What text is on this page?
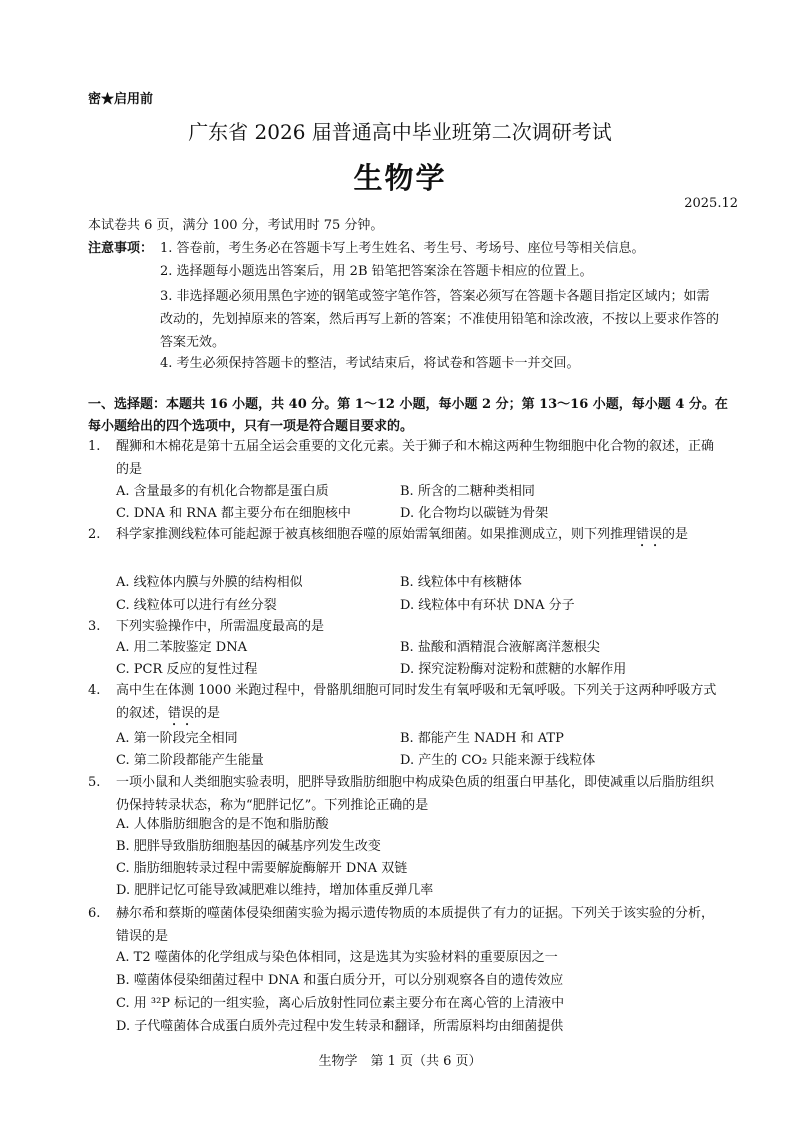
密★启用前
广东省 2026 届普通高中毕业班第二次调研考试
生物学
2025.12
本试卷共 6 页，满分 100 分，考试用时 75 分钟。
注意事项： 1. 答卷前，考生务必在答题卡写上考生姓名、考生号、考场号、座位号等相关信息。
2. 选择题每小题选出答案后，用 2B 铅笔把答案涂在答题卡相应的位置上。
3. 非选择题必须用黑色字迹的钢笔或签字笔作答，答案必须写在答题卡各题目指定区域内；如需改动的，先划掉原来的答案，然后再写上新的答案；不准使用铅笔和涂改液，不按以上要求作答的答案无效。
4. 考生必须保持答题卡的整洁，考试结束后，将试卷和答题卡一并交回。
一、选择题：本题共 16 小题，共 40 分。第 1～12 小题，每小题 2 分；第 13～16 小题，每小题 4 分。在每小题给出的四个选项中，只有一项是符合题目要求的。
1. 醒狮和木棉花是第十五届全运会重要的文化元素。关于狮子和木棉这两种生物细胞中化合物的叙述，正确的是
A. 含量最多的有机化合物都是蛋白质	B. 所含的二糖种类相同
C. DNA 和 RNA 都主要分布在细胞核中	D. 化合物均以碳链为骨架
2. 科学家推测线粒体可能起源于被真核细胞吞噬的原始需氧细菌。如果推测成立，则下列推理错误的是
A. 线粒体内膜与外膜的结构相似	B. 线粒体中有核糖体
C. 线粒体可以进行有丝分裂	D. 线粒体中有环状 DNA 分子
3. 下列实验操作中，所需温度最高的是
A. 用二苯胺鉴定 DNA	B. 盐酸和酒精混合液解离洋葱根尖
C. PCR 反应的复性过程	D. 探究淀粉酶对淀粉和蔗糖的水解作用
4. 高中生在体测 1000 米跑过程中，骨骼肌细胞可同时发生有氧呼吸和无氧呼吸。下列关于这两种呼吸方式的叙述，错误的是
A. 第一阶段完全相同	B. 都能产生 NADH 和 ATP
C. 第二阶段都能产生能量	D. 产生的 CO₂ 只能来源于线粒体
5. 一项小鼠和人类细胞实验表明，肥胖导致脂肪细胞中构成染色质的组蛋白甲基化，即使减重以后脂肪组织仍保持转录状态，称为“肥胖记忆”。下列推论正确的是
A. 人体脂肪细胞含的是不饱和脂肪酸
B. 肥胖导致脂肪细胞基因的碱基序列发生改变
C. 脂肪细胞转录过程中需要解旋酶解开 DNA 双链
D. 肥胖记忆可能导致减肥难以维持，增加体重反弹几率
6. 赫尔希和蔡斯的噬菌体侵染细菌实验为揭示遗传物质的本质提供了有力的证据。下列关于该实验的分析，错误的是
A. T2 噬菌体的化学组成与染色体相同，这是选其为实验材料的重要原因之一
B. 噬菌体侵染细菌过程中 DNA 和蛋白质分开，可以分别观察各自的遗传效应
C. 用 ³²P 标记的一组实验，离心后放射性同位素主要分布在离心管的上清液中
D. 子代噬菌体合成蛋白质外壳过程中发生转录和翻译，所需原料均由细菌提供
生物学　第 1 页（共 6 页）
